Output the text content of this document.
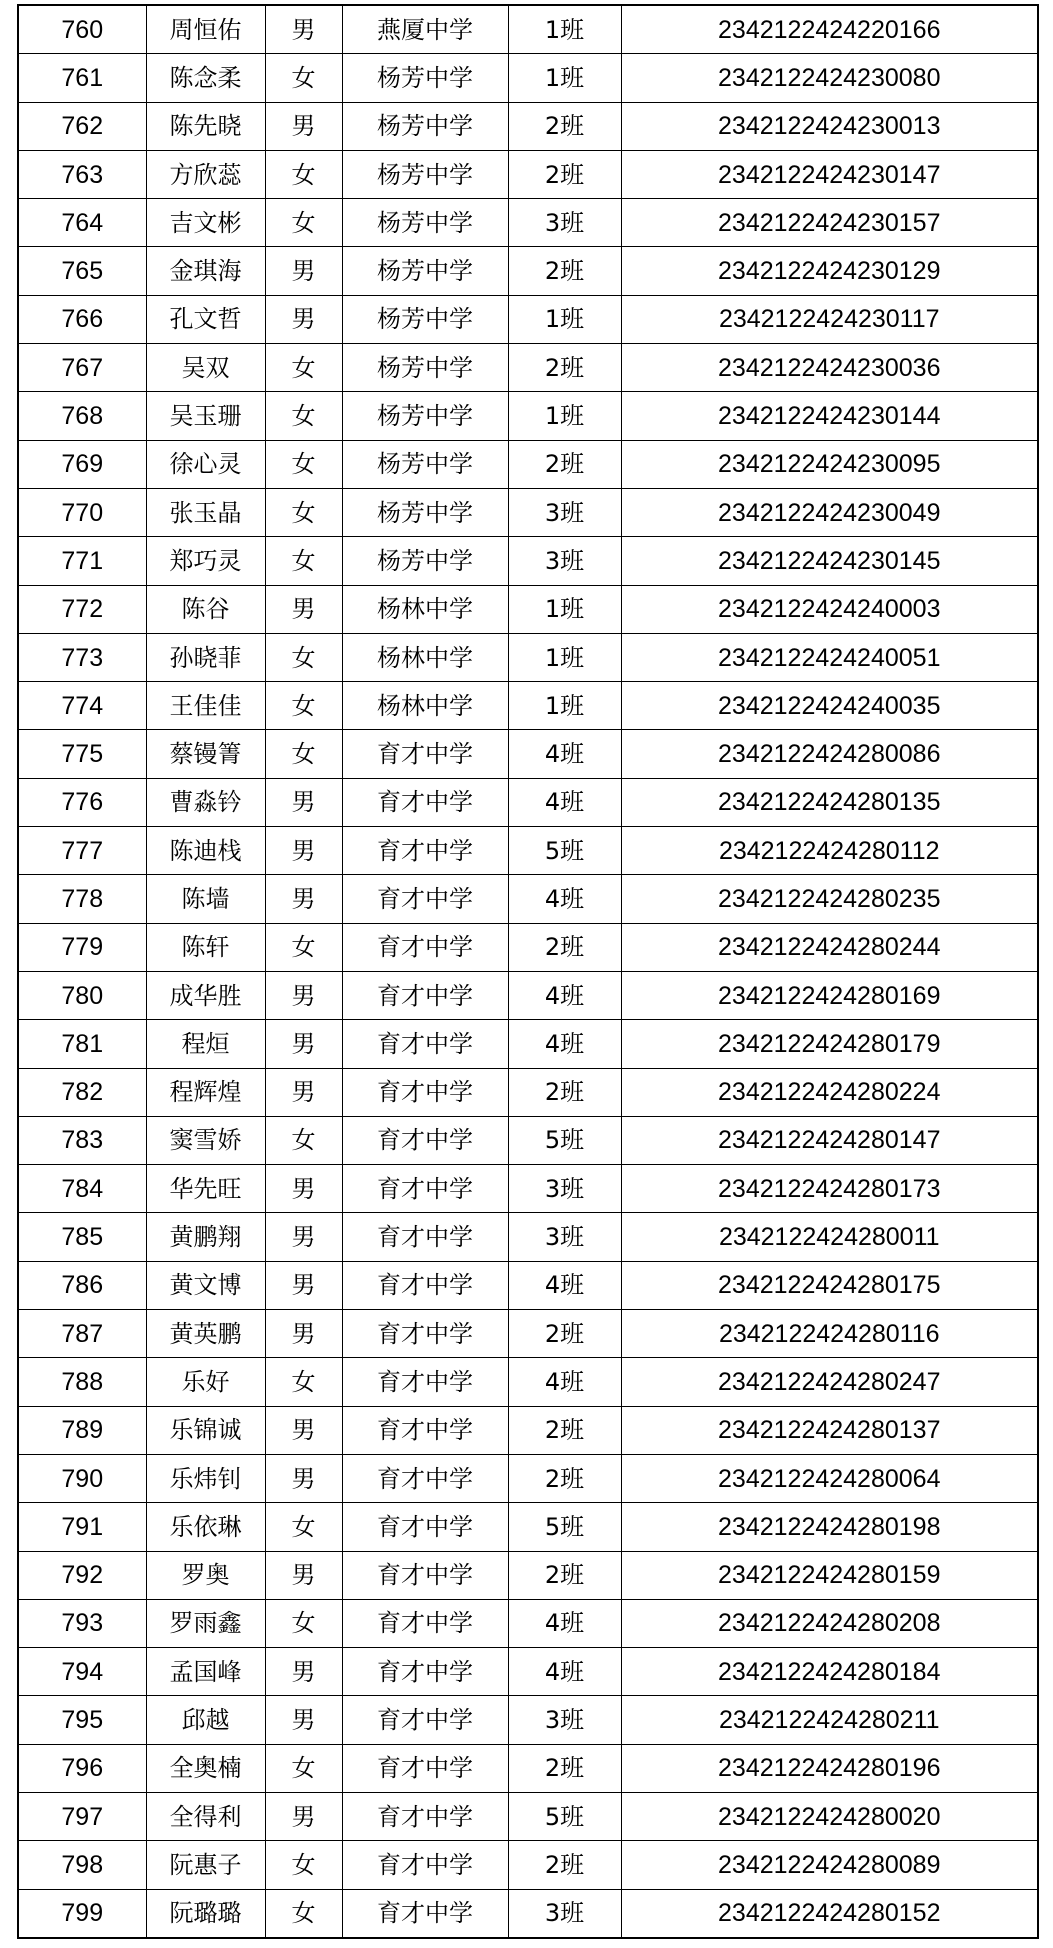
760	周恒佑	男	燕厦中学	1班	2342122424220166
761	陈念柔	女	杨芳中学	1班	2342122424230080
762	陈先晓	男	杨芳中学	2班	2342122424230013
763	方欣蕊	女	杨芳中学	2班	2342122424230147
764	吉文彬	女	杨芳中学	3班	2342122424230157
765	金琪海	男	杨芳中学	2班	2342122424230129
766	孔文哲	男	杨芳中学	1班	2342122424230117
767	吴双	女	杨芳中学	2班	2342122424230036
768	吴玉珊	女	杨芳中学	1班	2342122424230144
769	徐心灵	女	杨芳中学	2班	2342122424230095
770	张玉晶	女	杨芳中学	3班	2342122424230049
771	郑巧灵	女	杨芳中学	3班	2342122424230145
772	陈谷	男	杨林中学	1班	2342122424240003
773	孙晓菲	女	杨林中学	1班	2342122424240051
774	王佳佳	女	杨林中学	1班	2342122424240035
775	蔡镘箐	女	育才中学	4班	2342122424280086
776	曹淼钤	男	育才中学	4班	2342122424280135
777	陈迪栈	男	育才中学	5班	2342122424280112
778	陈墙	男	育才中学	4班	2342122424280235
779	陈轩	女	育才中学	2班	2342122424280244
780	成华胜	男	育才中学	4班	2342122424280169
781	程烜	男	育才中学	4班	2342122424280179
782	程辉煌	男	育才中学	2班	2342122424280224
783	窦雪娇	女	育才中学	5班	2342122424280147
784	华先旺	男	育才中学	3班	2342122424280173
785	黄鹏翔	男	育才中学	3班	2342122424280011
786	黄文博	男	育才中学	4班	2342122424280175
787	黄英鹏	男	育才中学	2班	2342122424280116
788	乐好	女	育才中学	4班	2342122424280247
789	乐锦诚	男	育才中学	2班	2342122424280137
790	乐炜钊	男	育才中学	2班	2342122424280064
791	乐依琳	女	育才中学	5班	2342122424280198
792	罗奥	男	育才中学	2班	2342122424280159
793	罗雨鑫	女	育才中学	4班	2342122424280208
794	孟国峰	男	育才中学	4班	2342122424280184
795	邱越	男	育才中学	3班	2342122424280211
796	全奥楠	女	育才中学	2班	2342122424280196
797	全得利	男	育才中学	5班	2342122424280020
798	阮惠子	女	育才中学	2班	2342122424280089
799	阮璐璐	女	育才中学	3班	2342122424280152
